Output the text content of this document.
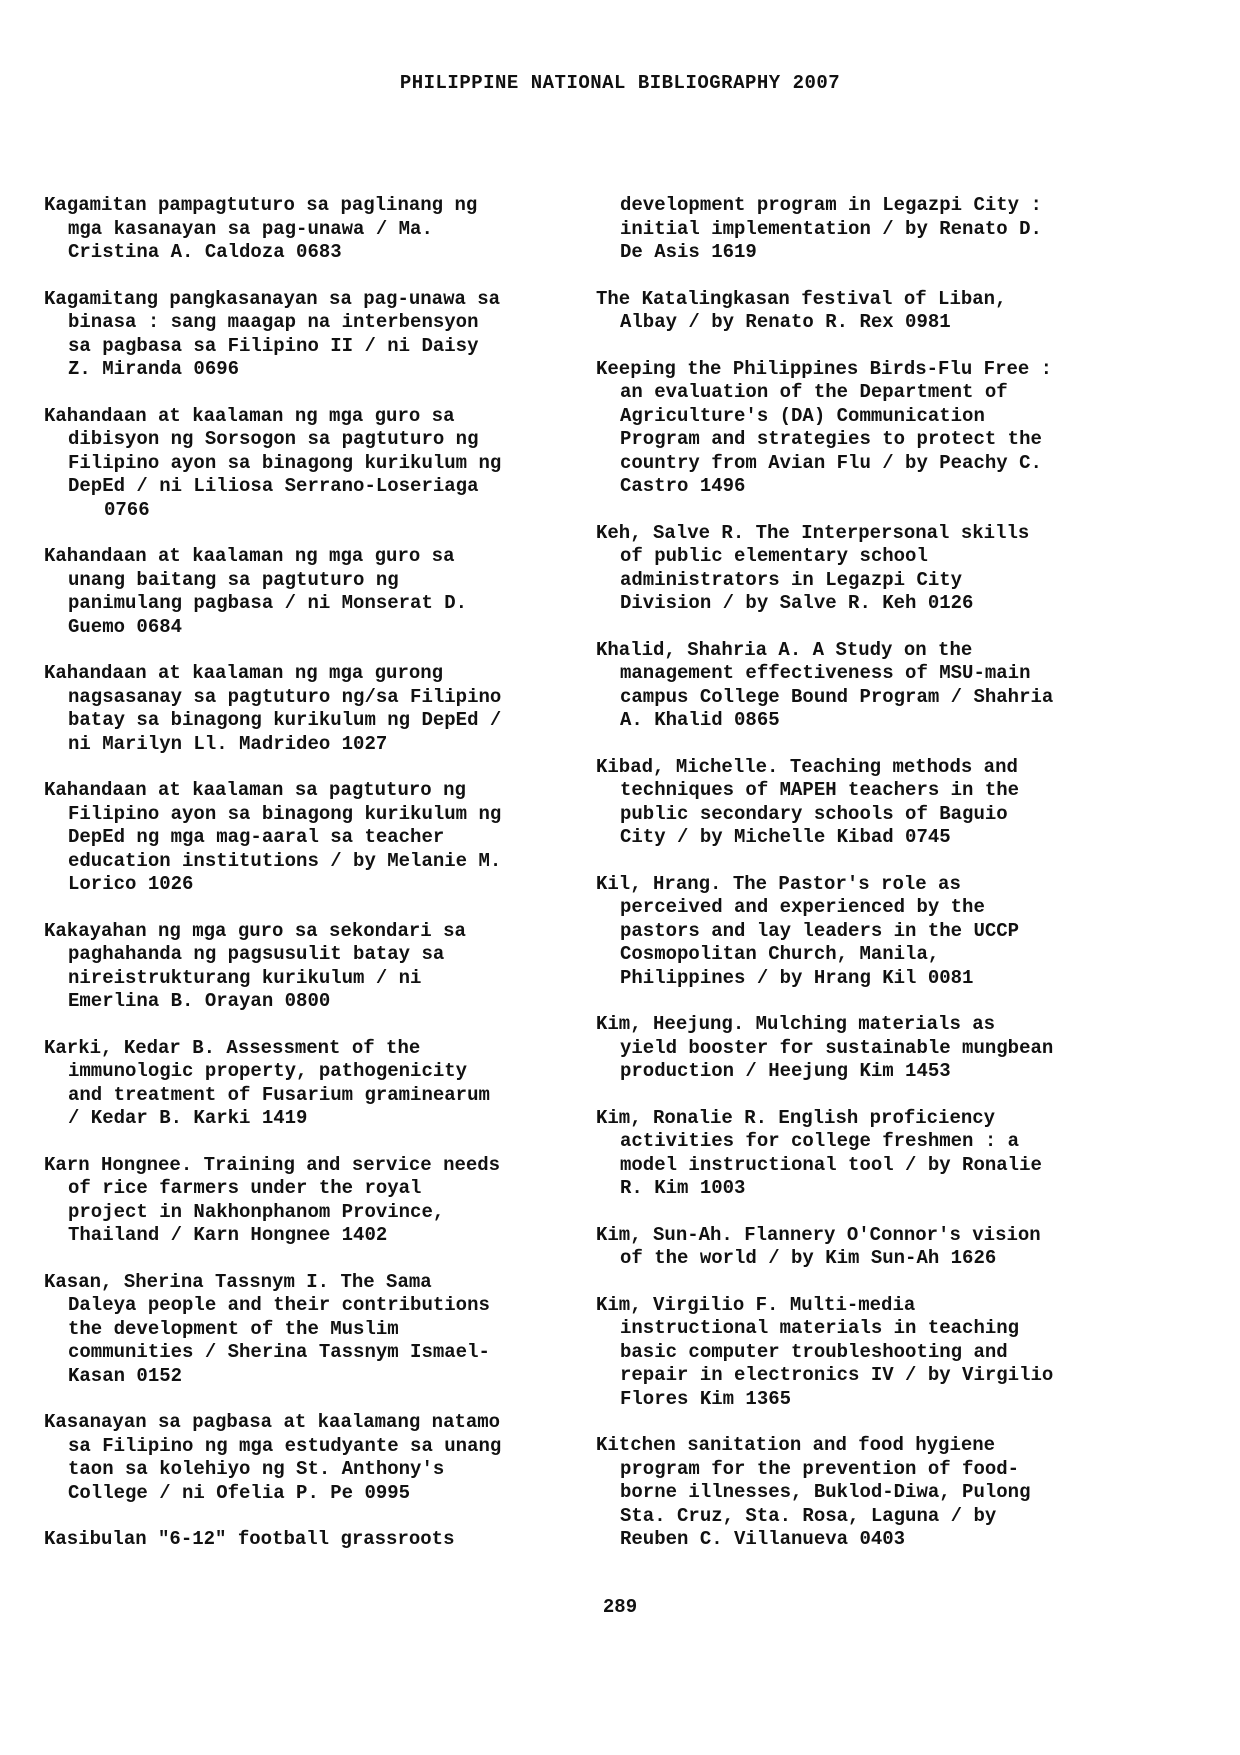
PHILIPPINE NATIONAL BIBLIOGRAPHY 2007
Kagamitan pampagtuturo sa paglinang ng
mga kasanayan sa pag-unawa / Ma.
Cristina A. Caldoza 0683
Kagamitang pangkasanayan sa pag-unawa sa
binasa : sang maagap na interbensyon
sa pagbasa sa Filipino II / ni Daisy
Z. Miranda 0696
Kahandaan at kaalaman ng mga guro sa
dibisyon ng Sorsogon sa pagtuturo ng
Filipino ayon sa binagong kurikulum ng
DepEd / ni Liliosa Serrano-Loseriaga
0766
Kahandaan at kaalaman ng mga guro sa
unang baitang sa pagtuturo ng
panimulang pagbasa / ni Monserat D.
Guemo 0684
Kahandaan at kaalaman ng mga gurong
nagsasanay sa pagtuturo ng/sa Filipino
batay sa binagong kurikulum ng DepEd /
ni Marilyn Ll. Madrideo 1027
Kahandaan at kaalaman sa pagtuturo ng
Filipino ayon sa binagong kurikulum ng
DepEd ng mga mag-aaral sa teacher
education institutions / by Melanie M.
Lorico 1026
Kakayahan ng mga guro sa sekondari sa
paghahanda ng pagsusulit batay sa
nireistrukturang kurikulum / ni
Emerlina B. Orayan 0800
Karki, Kedar B. Assessment of the
immunologic property, pathogenicity
and treatment of Fusarium graminearum
/ Kedar B. Karki 1419
Karn Hongnee. Training and service needs
of rice farmers under the royal
project in Nakhonphanom Province,
Thailand / Karn Hongnee 1402
Kasan, Sherina Tassnym I. The Sama
Daleya people and their contributions
the development of the Muslim
communities / Sherina Tassnym Ismael-
Kasan 0152
Kasanayan sa pagbasa at kaalamang natamo
sa Filipino ng mga estudyante sa unang
taon sa kolehiyo ng St. Anthony's
College / ni Ofelia P. Pe 0995
Kasibulan "6-12" football grassroots
development program in Legazpi City :
initial implementation / by Renato D.
De Asis 1619
The Katalingkasan festival of Liban,
Albay / by Renato R. Rex 0981
Keeping the Philippines Birds-Flu Free :
an evaluation of the Department of
Agriculture's (DA) Communication
Program and strategies to protect the
country from Avian Flu / by Peachy C.
Castro 1496
Keh, Salve R. The Interpersonal skills
of public elementary school
administrators in Legazpi City
Division / by Salve R. Keh 0126
Khalid, Shahria A. A Study on the
management effectiveness of MSU-main
campus College Bound Program / Shahria
A. Khalid 0865
Kibad, Michelle. Teaching methods and
techniques of MAPEH teachers in the
public secondary schools of Baguio
City / by Michelle Kibad 0745
Kil, Hrang. The Pastor's role as
perceived and experienced by the
pastors and lay leaders in the UCCP
Cosmopolitan Church, Manila,
Philippines / by Hrang Kil 0081
Kim, Heejung. Mulching materials as
yield booster for sustainable mungbean
production / Heejung Kim 1453
Kim, Ronalie R. English proficiency
activities for college freshmen : a
model instructional tool / by Ronalie
R. Kim 1003
Kim, Sun-Ah. Flannery O'Connor's vision
of the world / by Kim Sun-Ah 1626
Kim, Virgilio F. Multi-media
instructional materials in teaching
basic computer troubleshooting and
repair in electronics IV / by Virgilio
Flores Kim 1365
Kitchen sanitation and food hygiene
program for the prevention of food-
borne illnesses, Buklod-Diwa, Pulong
Sta. Cruz, Sta. Rosa, Laguna / by
Reuben C. Villanueva 0403
289
